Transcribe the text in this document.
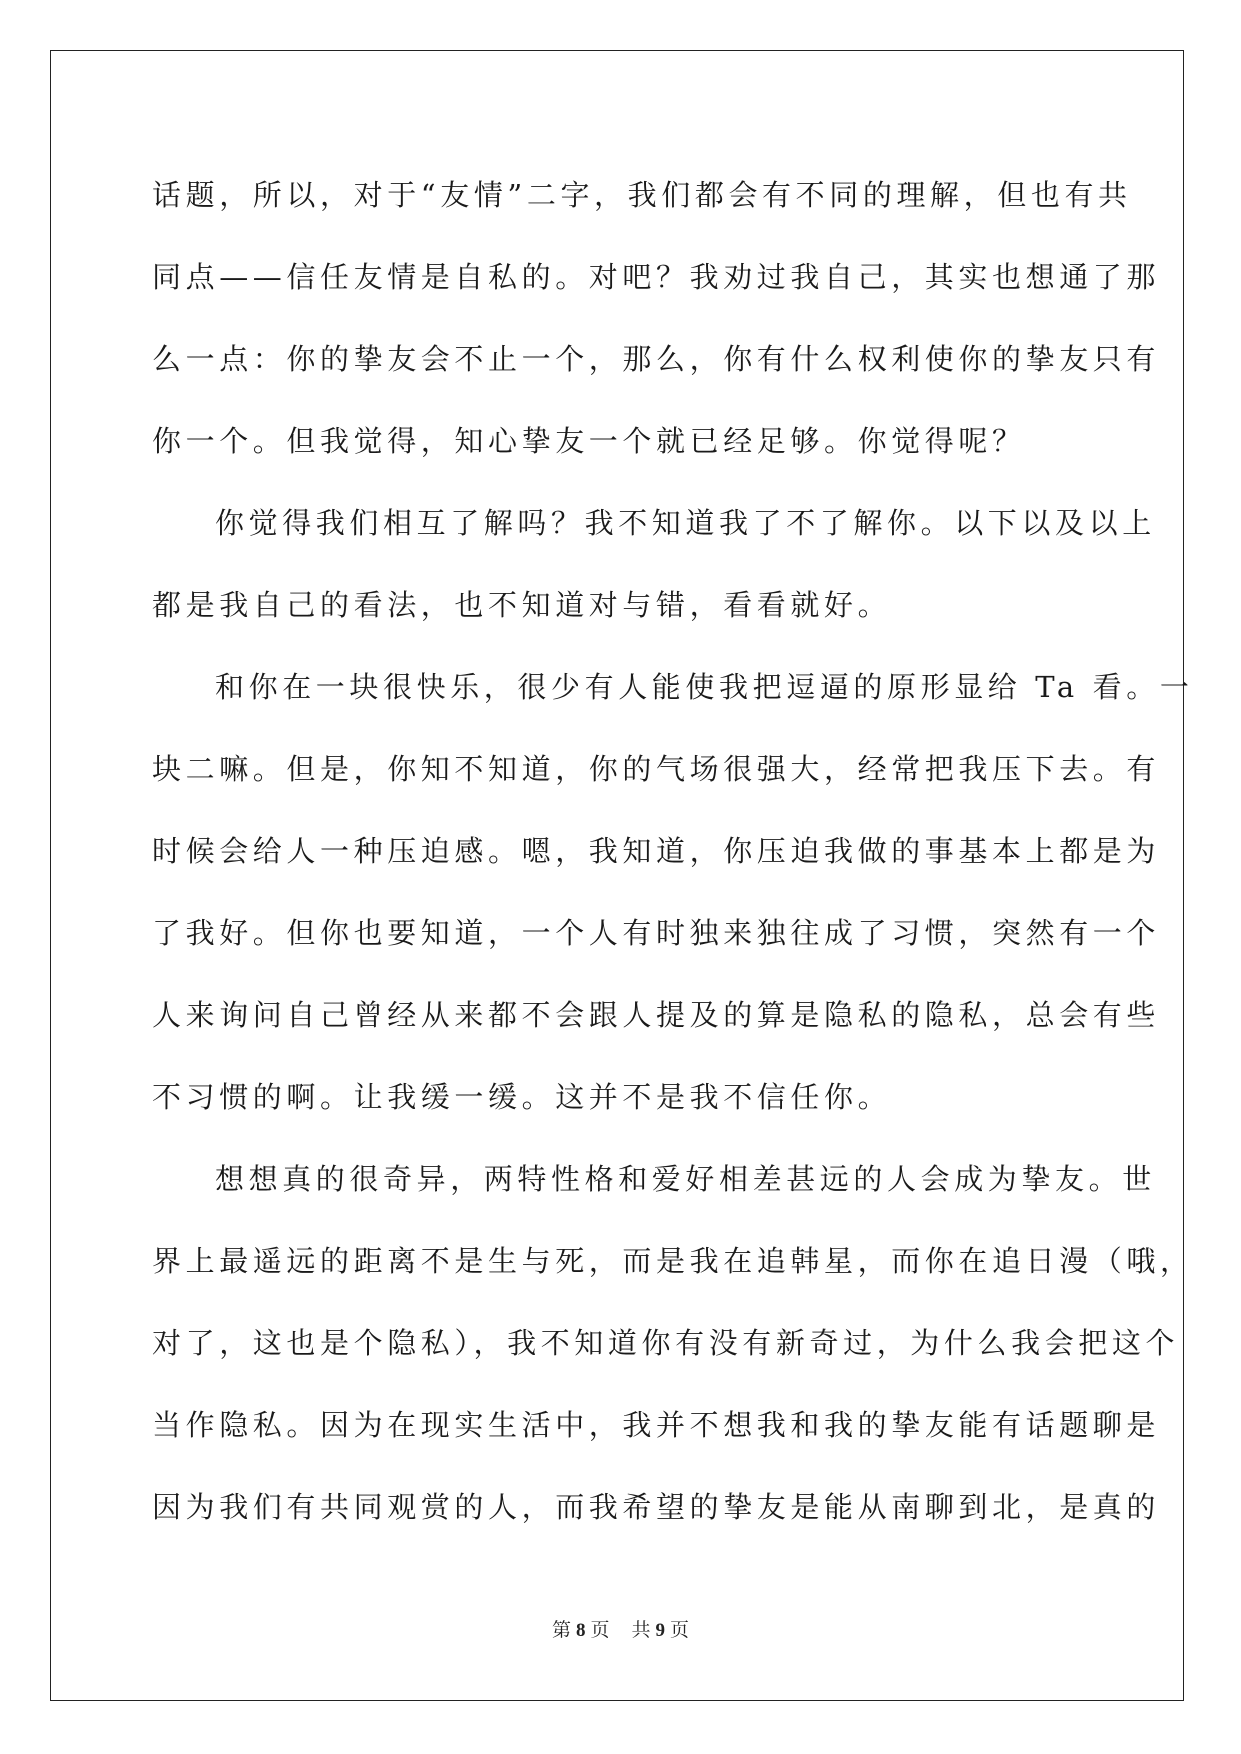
话题，所以，对于“友情”二字，我们都会有不同的理解，但也有共
同点——信任友情是自私的。对吧？我劝过我自己，其实也想通了那
么一点：你的挚友会不止一个，那么，你有什么权利使你的挚友只有
你一个。但我觉得，知心挚友一个就已经足够。你觉得呢？
你觉得我们相互了解吗？我不知道我了不了解你。以下以及以上
都是我自己的看法，也不知道对与错，看看就好。
和你在一块很快乐，很少有人能使我把逗逼的原形显给 Ta 看。一
块二嘛。但是，你知不知道，你的气场很强大，经常把我压下去。有
时候会给人一种压迫感。嗯，我知道，你压迫我做的事基本上都是为
了我好。但你也要知道，一个人有时独来独往成了习惯，突然有一个
人来询问自己曾经从来都不会跟人提及的算是隐私的隐私，总会有些
不习惯的啊。让我缓一缓。这并不是我不信任你。
想想真的很奇异，两特性格和爱好相差甚远的人会成为挚友。世
界上最遥远的距离不是生与死，而是我在追韩星，而你在追日漫（哦，
对了，这也是个隐私），我不知道你有没有新奇过，为什么我会把这个
当作隐私。因为在现实生活中，我并不想我和我的挚友能有话题聊是
因为我们有共同观赏的人，而我希望的挚友是能从南聊到北，是真的
第 8 页 共 9 页
